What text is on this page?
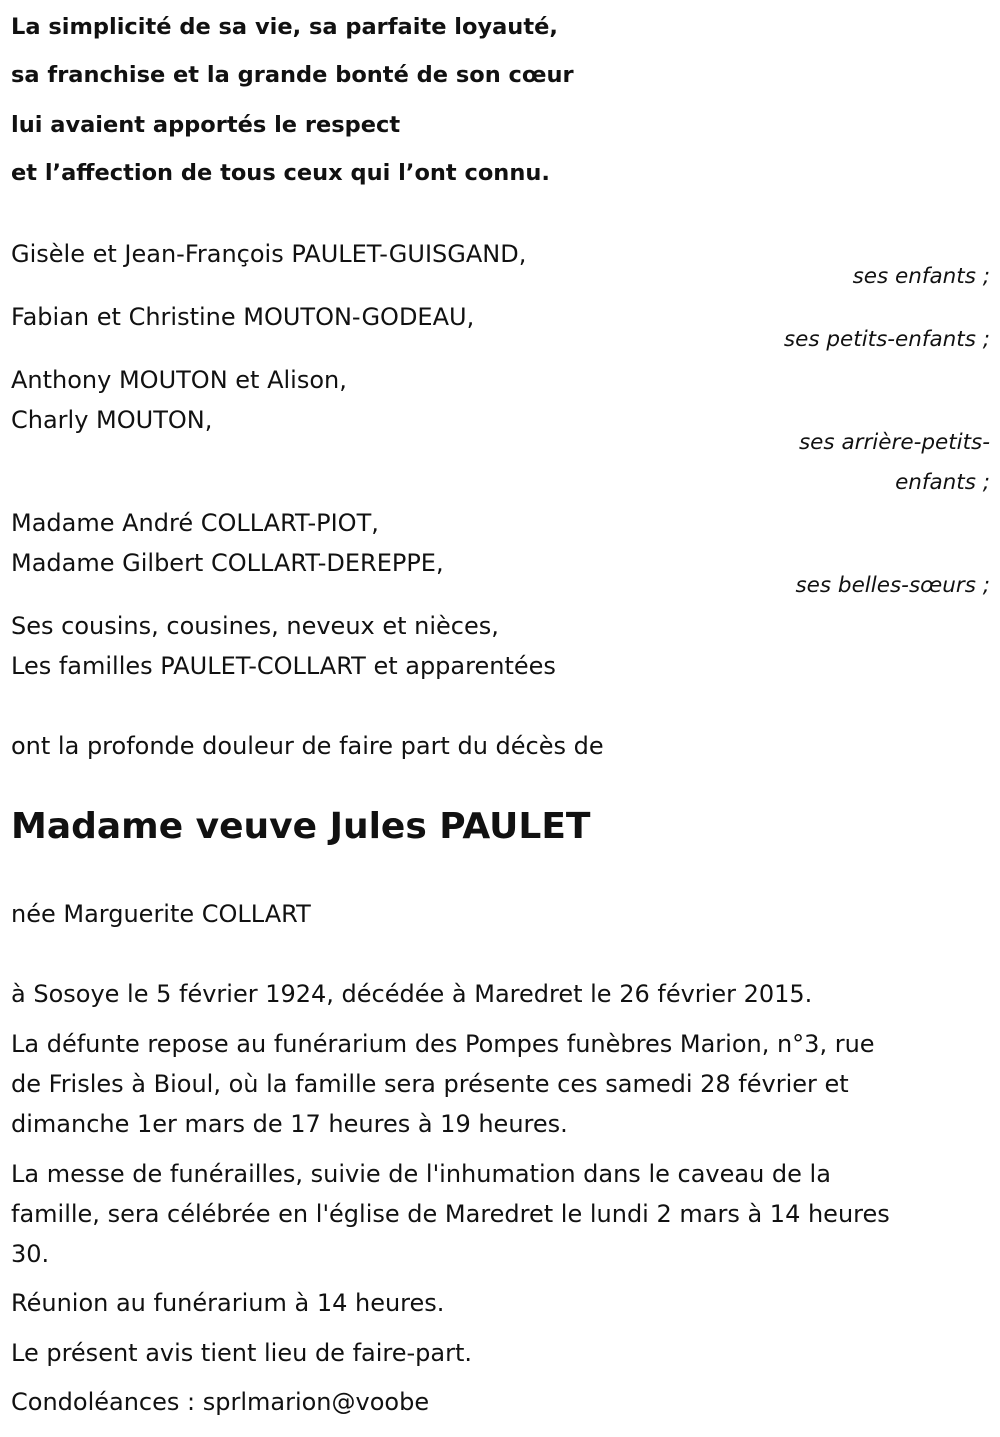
La simplicité de sa vie, sa parfaite loyauté,
sa franchise et la grande bonté de son cœur
lui avaient apportés le respect
et l’affection de tous ceux qui l’ont connu.
Gisèle et Jean-François PAULET-GUISGAND,
ses enfants ;
Fabian et Christine MOUTON-GODEAU,
ses petits-enfants ;
Anthony MOUTON et Alison,
Charly MOUTON,
ses arrière-petits-
enfants ;
Madame André COLLART-PIOT,
Madame Gilbert COLLART-DEREPPE,
ses belles-sœurs ;
Ses cousins, cousines, neveux et nièces,
Les familles PAULET-COLLART et apparentées
ont la profonde douleur de faire part du décès de
Madame veuve Jules PAULET
née Marguerite COLLART
à Sosoye le 5 février 1924, décédée à Maredret le 26 février 2015.
La défunte repose au funérarium des Pompes funèbres Marion, n°3, rue
de Frisles à Bioul, où la famille sera présente ces samedi 28 février et
dimanche 1er mars de 17 heures à 19 heures.
La messe de funérailles, suivie de l'inhumation dans le caveau de la
famille, sera célébrée en l'église de Maredret le lundi 2 mars à 14 heures
30.
Réunion au funérarium à 14 heures.
Le présent avis tient lieu de faire-part.
Condoléances : sprlmarion@voobe
